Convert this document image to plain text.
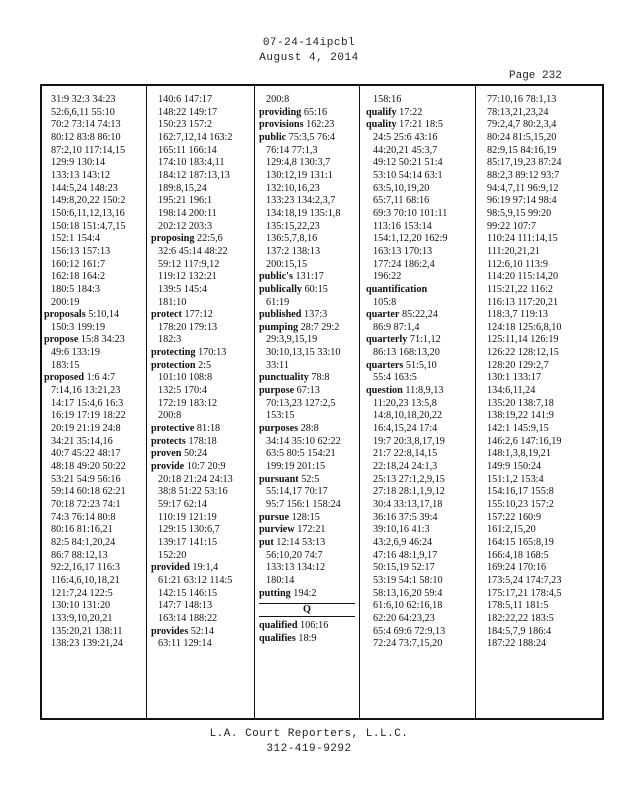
07-24-14ipcbl
August 4, 2014
Page 232
31:9 32:3 34:23
52:6,6,11 55:10
70:2 73:14 74:13
80:12 83:8 86:10
87:2,10 117:14,15
129:9 130:14
133:13 143:12
144:5,24 148:23
149:8,20,22 150:2
150:6,11,12,13,16
150:18 151:4,7,15
152:1 154:4
156:13 157:13
160:12 161:7
162:18 164:2
180:5 184:3
200:19
proposals 5:10,14
150:3 199:19
propose 15:8 34:23
49:6 133:19
183:15
proposed 1:6 4:7
7:14,16 13:21,23
14:17 15:4,6 16:3
16:19 17:19 18:22
20:19 21:19 24:8
34:21 35:14,16
40:7 45:22 48:17
48:18 49:20 50:22
53:21 54:9 56:16
59:14 60:18 62:21
70:18 72:23 74:1
74:3 76:14 80:8
80:16 81:16,21
82:5 84:1,20,24
86:7 88:12,13
92:2,16,17 116:3
116:4,6,10,18,21
121:7,24 122:5
130:10 131:20
133:9,10,20,21
135:20,21 138:11
138:23 139:21,24
140:6 147:17
148:22 149:17
150:23 157:2
162:7,12,14 163:2
165:11 166:14
174:10 183:4,11
184:12 187:13,13
189:8,15,24
195:21 196:1
198:14 200:11
202:12 203:3
proposing 22:5,6
32:6 45:14 48:22
59:12 117:9,12
119:12 132:21
139:5 145:4
181:10
protect 177:12
178:20 179:13
182:3
protecting 170:13
protection 2:5
101:10 108:8
132:5 170:4
172:19 183:12
200:8
protective 81:18
protects 178:18
proven 50:24
provide 10:7 20:9
20:18 21:24 24:13
38:8 51:22 53:16
59:17 62:14
110:19 121:19
129:15 130:6,7
139:17 141:15
152:20
provided 19:1,4
61:21 63:12 114:5
142:15 146:15
147:7 148:13
163:14 188:22
provides 52:14
63:11 129:14
200:8
providing 65:16
provisions 162:23
public 75:3,5 76:4
76:14 77:1,3
129:4,8 130:3,7
130:12,19 131:1
132:10,16,23
133:23 134:2,3,7
134:18,19 135:1,8
135:15,22,23
136:5,7,8,16
137:2 138:13
200:15,15
public's 131:17
publically 60:15
61:19
published 137:3
pumping 28:7 29:2
29:3,9,15,19
30:10,13,15 33:10
33:11
punctuality 78:8
purpose 67:13
70:13,23 127:2,5
153:15
purposes 28:8
34:14 35:10 62:22
63:5 80:5 154:21
199:19 201:15
pursuant 52:5
55:14,17 70:17
95:7 156:1 158:24
pursue 128:15
purview 172:21
put 12:14 53:13
56:10,20 74:7
133:13 134:12
180:14
putting 194:2
Q
qualified 106:16
qualifies 18:9
158:16
qualify 17:22
quality 17:21 18:5
24:5 25:6 43:16
44:20,21 45:3,7
49:12 50:21 51:4
53:10 54:14 63:1
63:5,10,19,20
65:7,11 68:16
69:3 70:10 101:11
113:16 153:14
154:1,12,20 162:9
163:13 170:13
177:24 186:2,4
196:22
quantification
105:8
quarter 85:22,24
86:9 87:1,4
quarterly 71:1,12
86:13 168:13,20
quarters 51:5,10
55:4 163:5
question 11:8,9,13
11:20,23 13:5,8
14:8,10,18,20,22
16:4,15,24 17:4
19:7 20:3,8,17,19
21:7 22:8,14,15
22:18,24 24:1,3
25:13 27:1,2,9,15
27:18 28:1,1,9,12
30:4 33:13,17,18
36:16 37:5 39:4
39:10,16 41:3
43:2,6,9 46:24
47:16 48:1,9,17
50:15,19 52:17
53:19 54:1 58:10
58:13,16,20 59:4
61:6,10 62:16,18
62:20 64:23,23
65:4 69:6 72:9,13
72:24 73:7,15,20
77:10,16 78:1,13
78:13,21,23,24
79:2,4,7 80:2,3,4
80:24 81:5,15,20
82:9,15 84:16,19
85:17,19,23 87:24
88:2,3 89:12 93:7
94:4,7,11 96:9,12
96:19 97:14 98:4
98:5,9,15 99:20
99:22 107:7
110:24 111:14,15
111:20,21,21
112:6,10 113:9
114:20 115:14,20
115:21,22 116:2
116:13 117:20,21
118:3,7 119:13
124:18 125:6,8,10
125:11,14 126:19
126:22 128:12,15
128:20 129:2,7
130:1 133:17
134:6,11,24
135:20 138:7,18
138:19,22 141:9
142:1 145:9,15
146:2,6 147:16,19
148:1,3,8,19,21
149:9 150:24
151:1,2 153:4
154:16,17 155:8
155:10,23 157:2
157:22 160:9
161:2,15,20
164:15 165:8,19
166:4,18 168:5
169:24 170:16
173:5,24 174:7,23
175:17,21 178:4,5
178:5,11 181:5
182:22,22 183:5
184:5,7,9 186:4
187:22 188:24
L.A. Court Reporters, L.L.C.
312-419-9292
